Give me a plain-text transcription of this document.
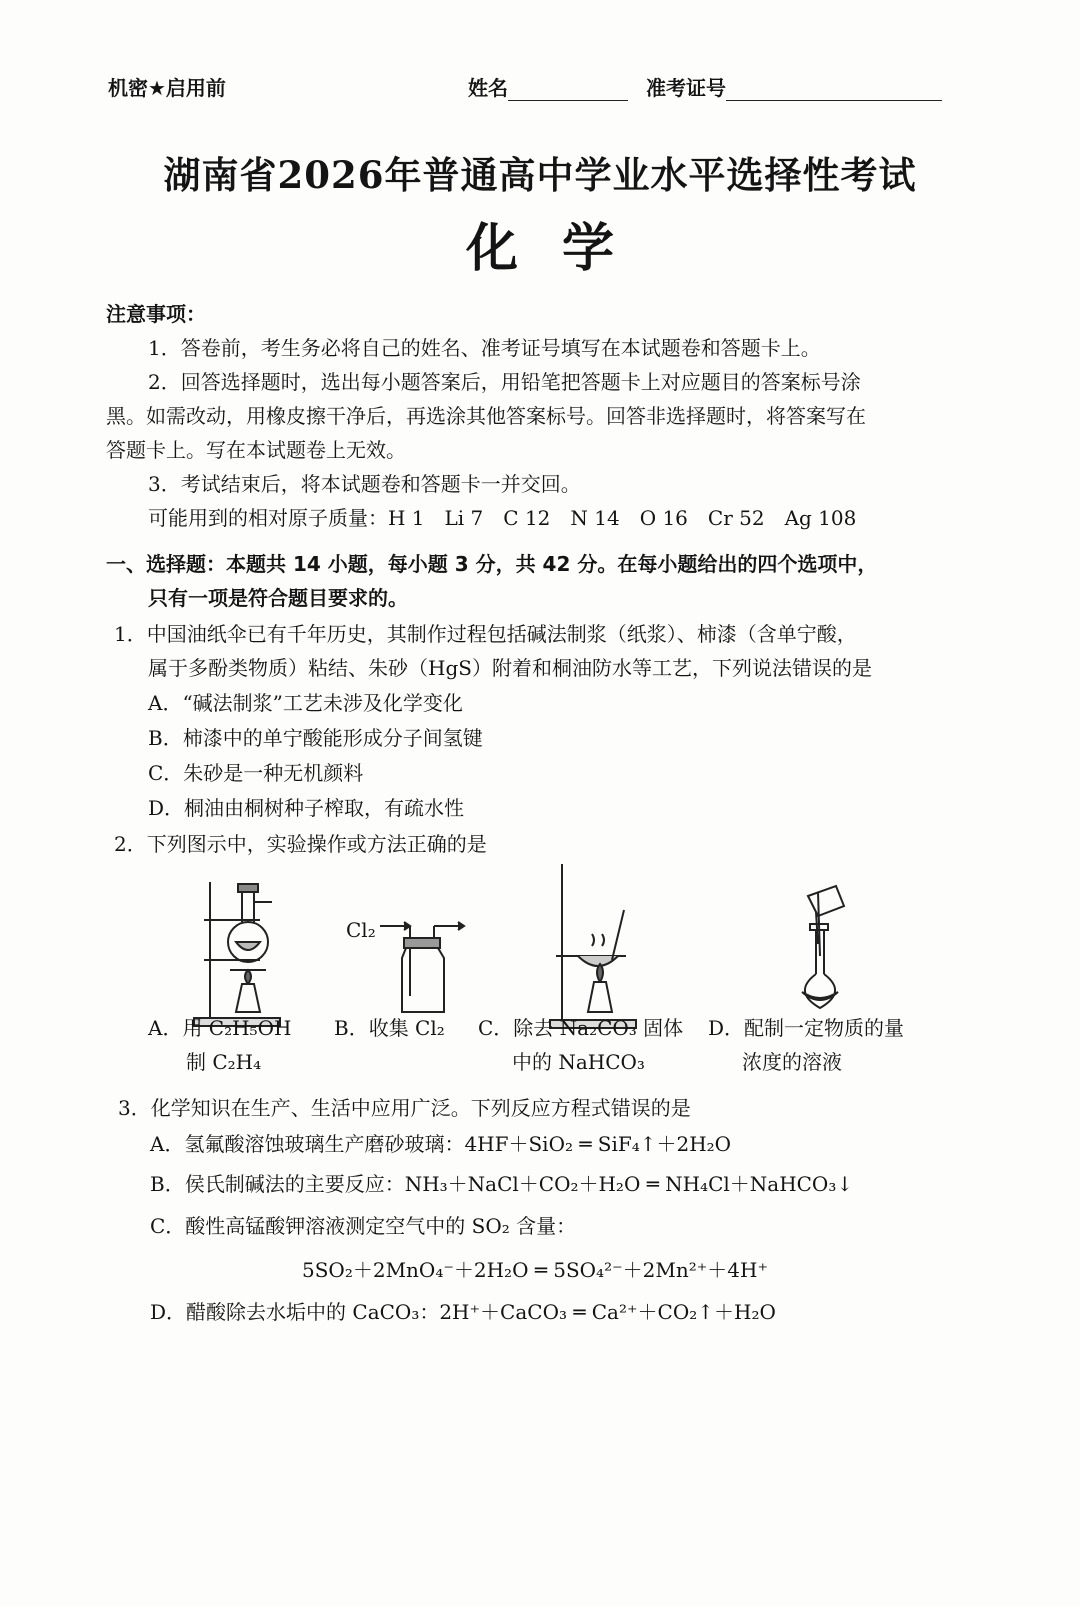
机密★启用前	姓名	准考证号
湖南省2026年普通高中学业水平选择性考试
化学
注意事项：
1．答卷前，考生务必将自己的姓名、准考证号填写在本试题卷和答题卡上。
2．回答选择题时，选出每小题答案后，用铅笔把答题卡上对应题目的答案标号涂
黑。如需改动，用橡皮擦干净后，再选涂其他答案标号。回答非选择题时，将答案写在
答题卡上。写在本试题卷上无效。
3．考试结束后，将本试题卷和答题卡一并交回。
可能用到的相对原子质量：H 1　Li 7　C 12　N 14　O 16　Cr 52　Ag 108
一、选择题：本题共 14 小题，每小题 3 分，共 42 分。在每小题给出的四个选项中，
只有一项是符合题目要求的。
1．中国油纸伞已有千年历史，其制作过程包括碱法制浆（纸浆）、柿漆（含单宁酸，
属于多酚类物质）粘结、朱砂（HgS）附着和桐油防水等工艺，下列说法错误的是
A．“碱法制浆”工艺未涉及化学变化
B．柿漆中的单宁酸能形成分子间氢键
C．朱砂是一种无机颜料
D．桐油由桐树种子榨取，有疏水性
2．下列图示中，实验操作或方法正确的是
Cl₂
A．用 C₂H₅OH
制 C₂H₄
B．收集 Cl₂ C．除去 Na₂CO₃ 固体
中的 NaHCO₃
D．配制一定物质的量
浓度的溶液
3．化学知识在生产、生活中应用广泛。下列反应方程式错误的是
A．氢氟酸溶蚀玻璃生产磨砂玻璃：4HF＋SiO₂ ═ SiF₄↑＋2H₂O
B．侯氏制碱法的主要反应：NH₃＋NaCl＋CO₂＋H₂O ═ NH₄Cl＋NaHCO₃↓
C．酸性高锰酸钾溶液测定空气中的 SO₂ 含量：
5SO₂＋2MnO₄⁻＋2H₂O ═ 5SO₄²⁻＋2Mn²⁺＋4H⁺
D．醋酸除去水垢中的 CaCO₃：2H⁺＋CaCO₃ ═ Ca²⁺＋CO₂↑＋H₂O
